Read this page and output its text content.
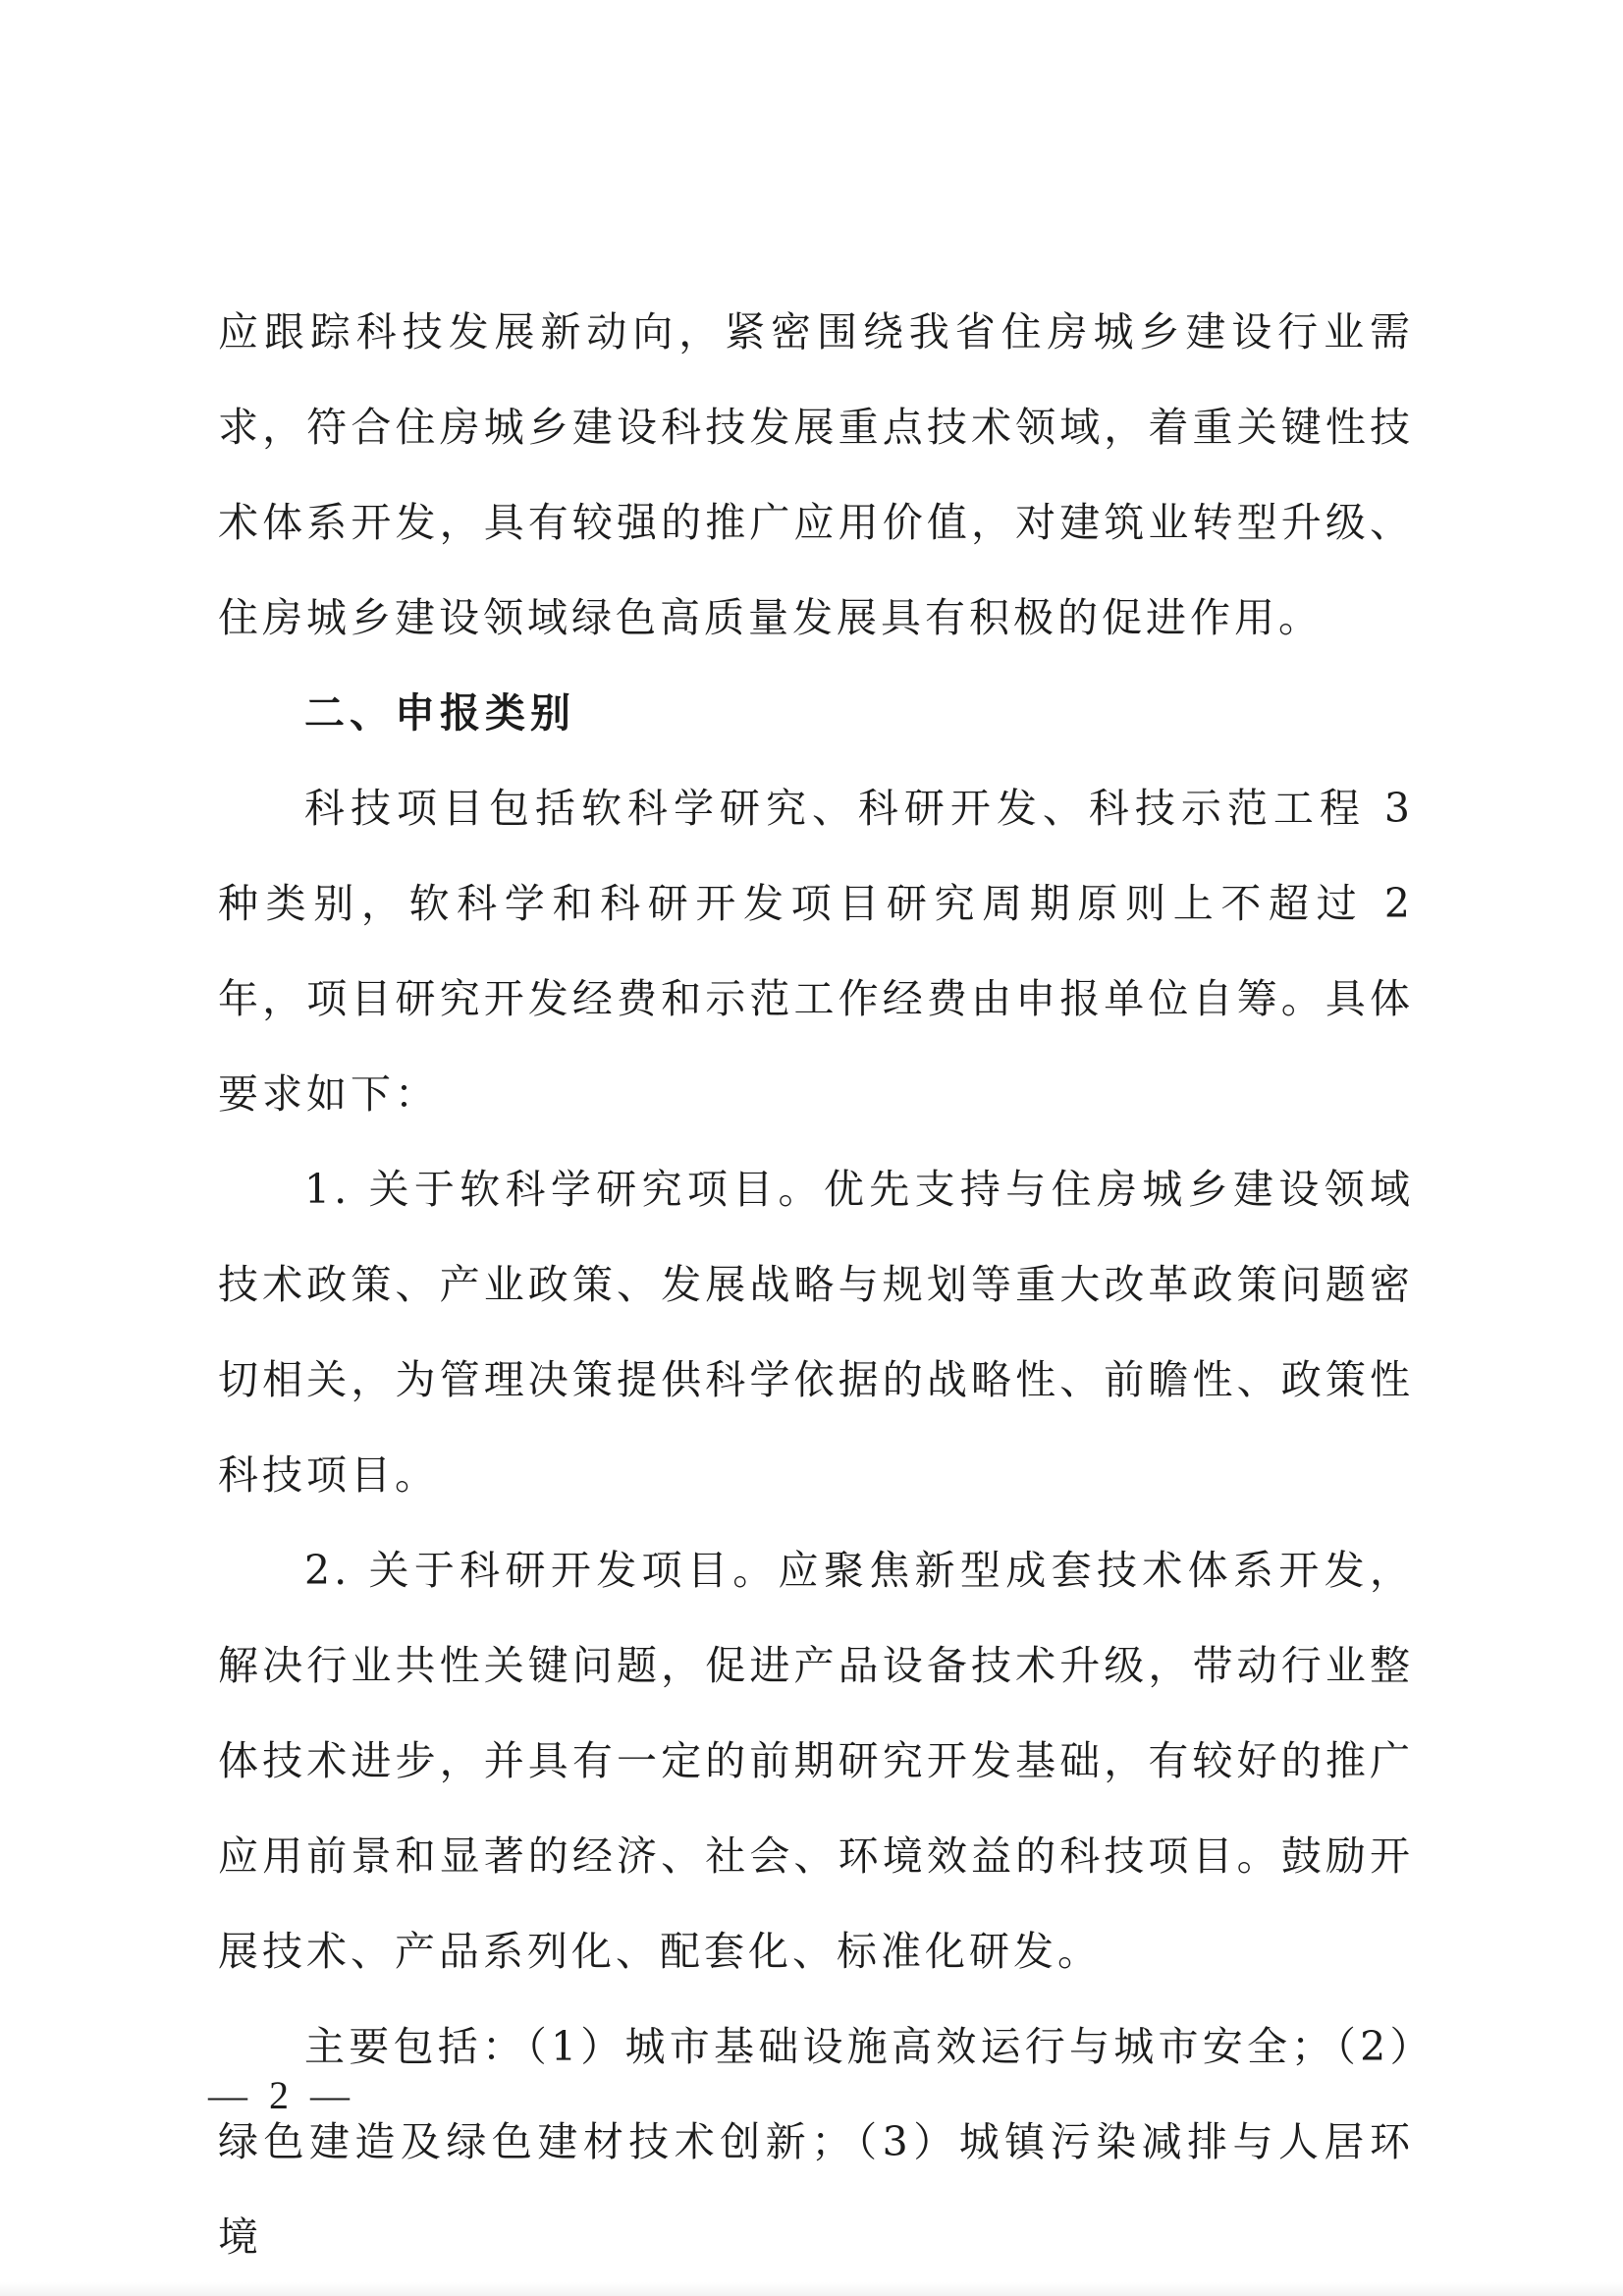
应跟踪科技发展新动向，紧密围绕我省住房城乡建设行业需求，符合住房城乡建设科技发展重点技术领域，着重关键性技术体系开发，具有较强的推广应用价值，对建筑业转型升级、住房城乡建设领域绿色高质量发展具有积极的促进作用。

二、申报类别

科技项目包括软科学研究、科研开发、科技示范工程 3 种类别，软科学和科研开发项目研究周期原则上不超过 2 年，项目研究开发经费和示范工作经费由申报单位自筹。具体要求如下：

1. 关于软科学研究项目。优先支持与住房城乡建设领域技术政策、产业政策、发展战略与规划等重大改革政策问题密切相关，为管理决策提供科学依据的战略性、前瞻性、政策性科技项目。

2. 关于科研开发项目。应聚焦新型成套技术体系开发，解决行业共性关键问题，促进产品设备技术升级，带动行业整体技术进步，并具有一定的前期研究开发基础，有较好的推广应用前景和显著的经济、社会、环境效益的科技项目。鼓励开展技术、产品系列化、配套化、标准化研发。

主要包括：（1）城市基础设施高效运行与城市安全；（2）绿色建造及绿色建材技术创新；（3）城镇污染减排与人居环境

— 2 —
